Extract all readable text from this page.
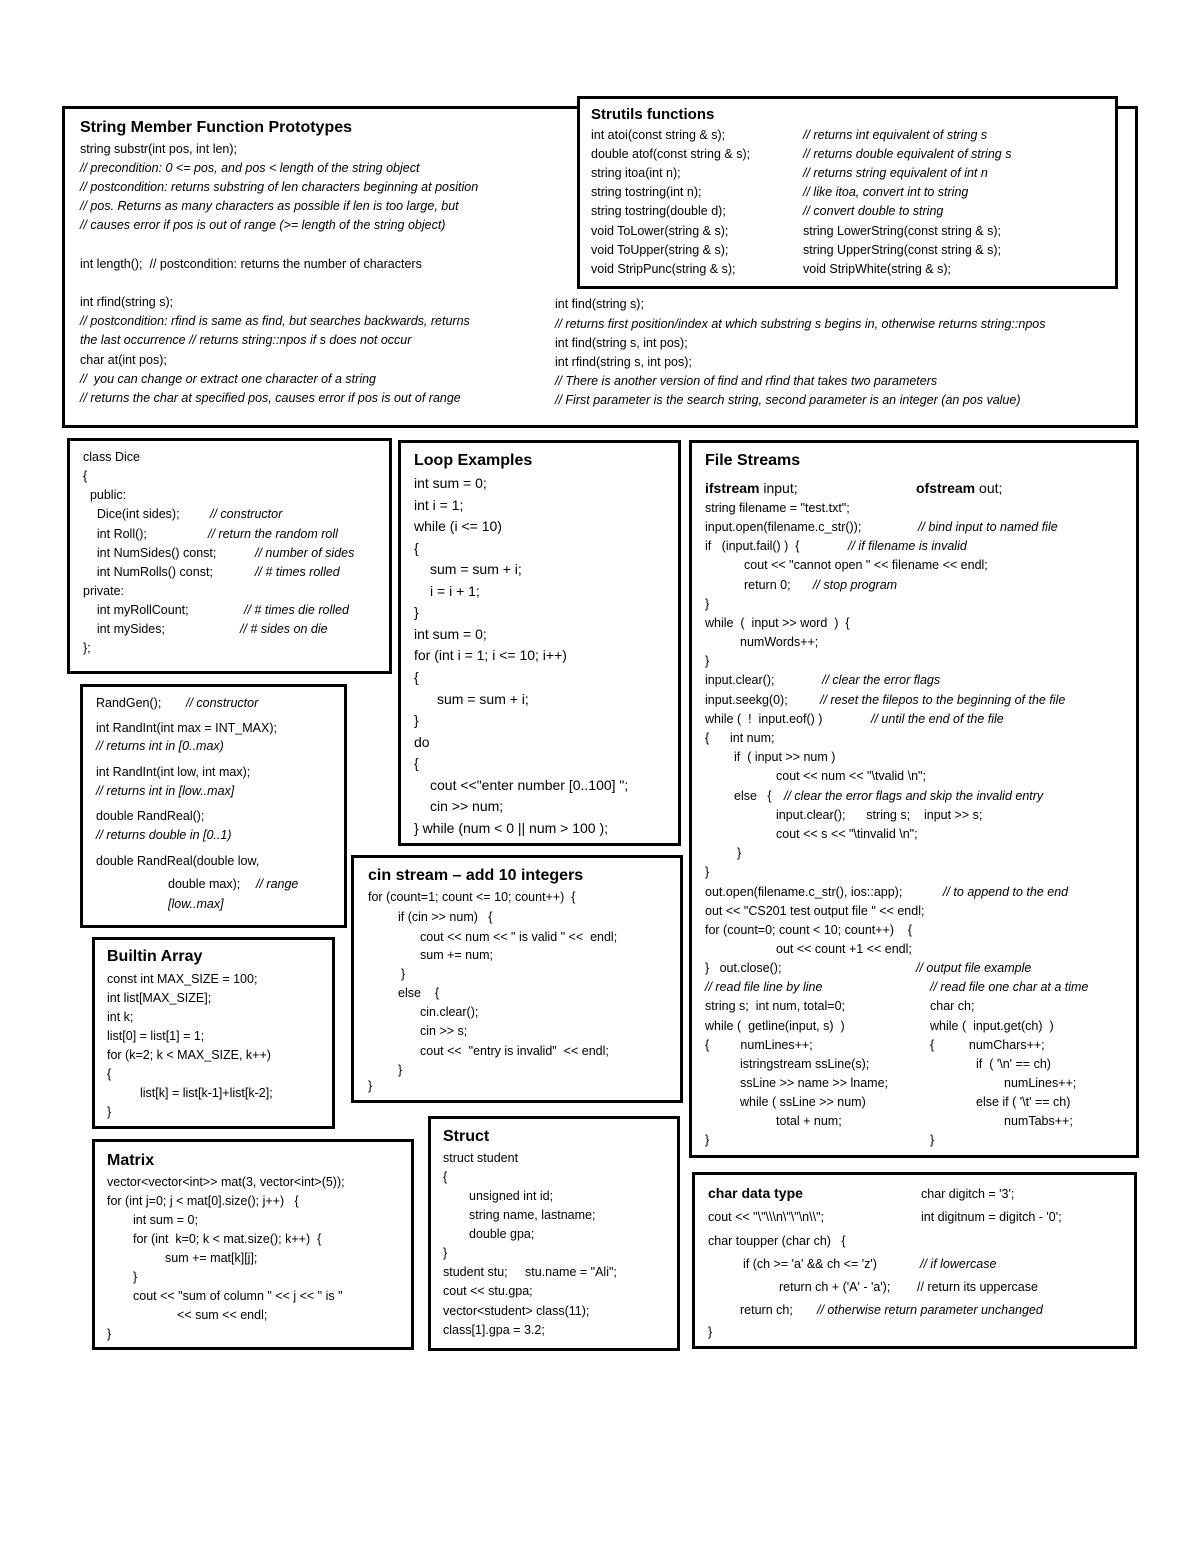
String Member Function Prototypes
string substr(int pos, int len);
// precondition: 0 <= pos, and pos < length of the string object
// postcondition: returns substring of len characters beginning at position
// pos. Returns as many characters as possible if len is too large, but
// causes error if pos is out of range (>= length of the string object)
int length();  // postcondition: returns the number of characters
int rfind(string s);
// postcondition: rfind is same as find, but searches backwards, returns
the last occurrence // returns string::npos if s does not occur
char at(int pos);
//  you can change or extract one character of a string
// returns the char at specified pos, causes error if pos is out of range
int find(string s);
// returns first position/index at which substring s begins in, otherwise returns string::npos
int find(string s, int pos);
int rfind(string s, int pos);
// There is another version of find and rfind that takes two parameters
// First parameter is the search string, second parameter is an integer (an pos value)
Strutils functions
int atoi(const string & s);	// returns int equivalent of string s
double atof(const string & s);	// returns double equivalent of string s
string itoa(int n);	// returns string equivalent of int n
string tostring(int n);	// like itoa, convert int to string
string tostring(double d);	// convert double to string
void ToLower(string & s);	string LowerString(const string & s);
void ToUpper(string & s);	string UpperString(const string & s);
void StripPunc(string & s);	void StripWhite(string & s);
class Dice
{
public:
Dice(int sides); // constructor
int Roll();	// return the random roll
int NumSides() const;	// number of sides
int NumRolls() const;	// # times rolled
private:
int myRollCount;	// # times die rolled
int mySides;	// # sides on die
};
RandGen(); // constructor
int RandInt(int max = INT_MAX);
// returns int in [0..max)
int RandInt(int low, int max);
// returns int in [low..max]
double RandReal();
// returns double in [0..1)
double RandReal(double low,
double max); // range
[low..max]
Builtin Array
const int MAX_SIZE = 100;
int list[MAX_SIZE];
int k;
list[0] = list[1] = 1;
for (k=2; k < MAX_SIZE, k++)
{
list[k] = list[k-1]+list[k-2];
}
Matrix
vector<vector<int>> mat(3, vector<int>(5));
for (int j=0; j < mat[0].size(); j++)   {
int sum = 0;
for (int  k=0; k < mat.size(); k++)  {
sum += mat[k][j];
}
cout << "sum of column " << j << " is "
<< sum << endl;
}
Loop Examples
int sum = 0;
int i = 1;
while (i <= 10)
{
sum = sum + i;
i = i + 1;
}
int sum = 0;
for (int i = 1; i <= 10; i++)
{
sum = sum + i;
}
do
{
cout <<"enter number [0..100] ";
cin >> num;
} while (num < 0 || num > 100 );
cin stream – add 10 integers
for (count=1; count <= 10; count++)  {
if (cin >> num)   {
cout << num << " is valid " <<  endl;
sum += num;
}
else    {
cin.clear();
cin >> s;
cout <<  "entry is invalid"  << endl;
}
}
Struct
struct student
{
unsigned int id;
string name, lastname;
double gpa;
}
student stu;     stu.name = "Ali";
cout << stu.gpa;
vector<student> class(11);
class[1].gpa = 3.2;
File Streams
ifstream input;	ofstream out;
string filename = "test.txt";
input.open(filename.c_str());	// bind input to named file
if   (input.fail() )  {	// if filename is invalid
cout << "cannot open " << filename << endl;
return 0; // stop program
}
while  (  input >> word  )  {
numWords++;
}
input.clear();	// clear the error flags
input.seekg(0);	// reset the filepos to the beginning of the file
while (  !  input.eof() )	// until the end of the file
{      int num;
if  ( input >> num )
cout << num << "\tvalid \n";
else   { // clear the error flags and skip the invalid entry
input.clear();      string s;    input >> s;
cout << s << "\tinvalid \n";
}
}
out.open(filename.c_str(), ios::app);	// to append to the end
out << "CS201 test output file " << endl;
for (count=0; count < 10; count++)    {
out << count +1 << endl;
}   out.close();	// output file example
// read file line by line	// read file one char at a time
string s;  int num, total=0;	char ch;
while (  getline(input, s)  )	while (  input.get(ch)  )
{         numLines++;	{          numChars++;
istringstream ssLine(s);	if  ( '\n' == ch)
ssLine >> name >> lname;	numLines++;
while ( ssLine >> num)	else if ( '\t' == ch)
total + num;	numTabs++;
}	}
char data type	char digitch = '3';
cout << "\"\\\n\"\"\n\\";	int digitnum = digitch - '0';
char toupper (char ch)   {
if (ch >= 'a' && ch <= 'z')	// if lowercase
return ch + ('A' - 'a'); // return its uppercase
return ch; // otherwise return parameter unchanged
}
